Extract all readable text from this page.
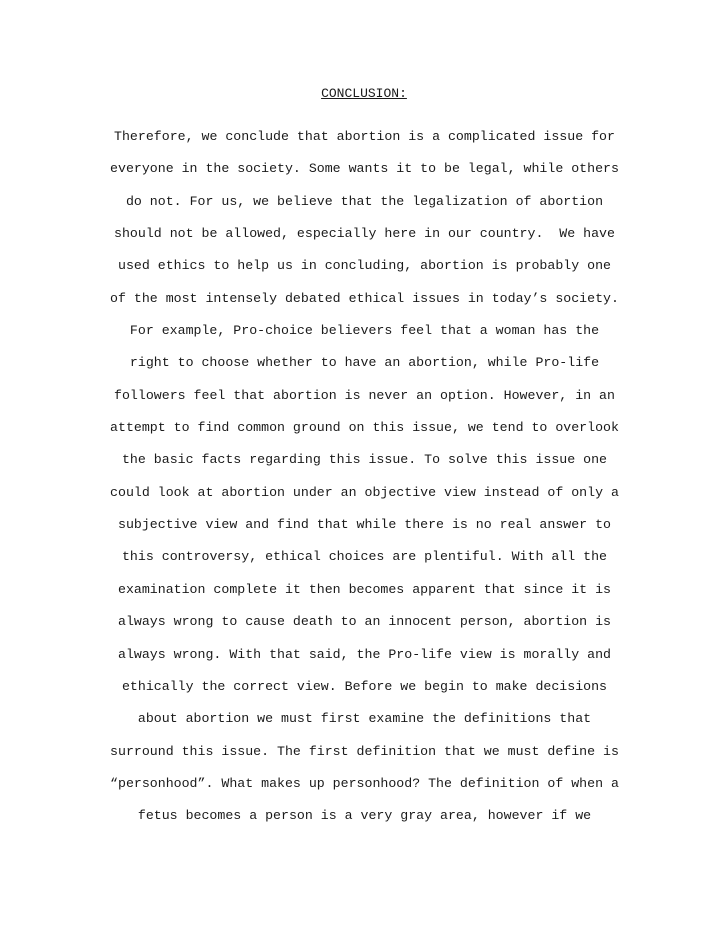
CONCLUSION:
Therefore, we conclude that abortion is a complicated issue for
everyone in the society. Some wants it to be legal, while others
do not. For us, we believe that the legalization of abortion
should not be allowed, especially here in our country.  We have
used ethics to help us in concluding, abortion is probably one
of the most intensely debated ethical issues in today’s society.
For example, Pro-choice believers feel that a woman has the
right to choose whether to have an abortion, while Pro-life
followers feel that abortion is never an option. However, in an
attempt to find common ground on this issue, we tend to overlook
the basic facts regarding this issue. To solve this issue one
could look at abortion under an objective view instead of only a
subjective view and find that while there is no real answer to
this controversy, ethical choices are plentiful. With all the
examination complete it then becomes apparent that since it is
always wrong to cause death to an innocent person, abortion is
always wrong. With that said, the Pro-life view is morally and
ethically the correct view. Before we begin to make decisions
about abortion we must first examine the definitions that
surround this issue. The first definition that we must define is
“personhood”. What makes up personhood? The definition of when a
fetus becomes a person is a very gray area, however if we
